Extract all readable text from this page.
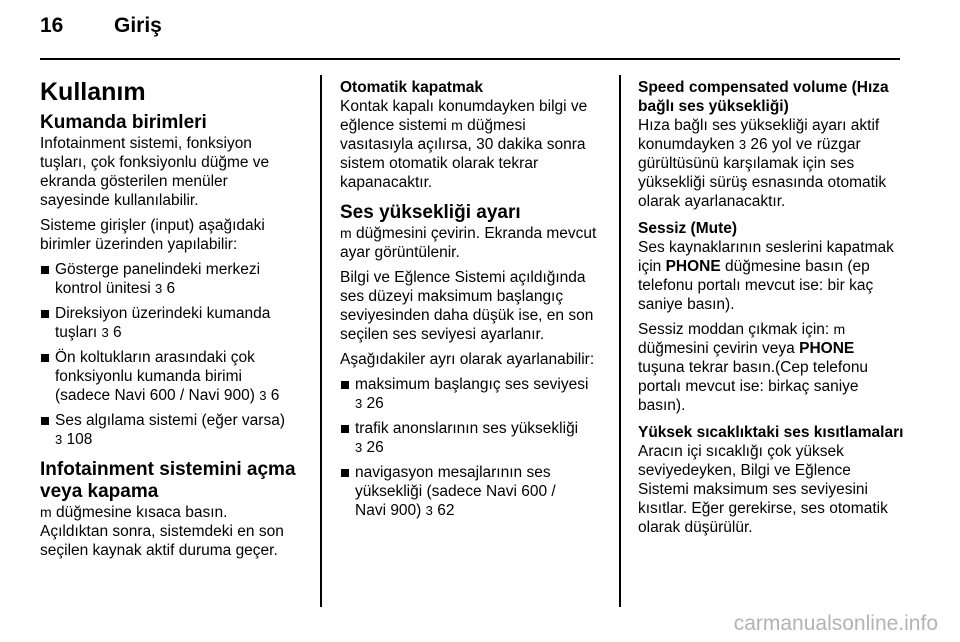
16 Giriş
Kullanım
Kumanda birimleri

Infotainment sistemi, fonksiyon
tuşları, çok fonksiyonlu düğme ve
ekranda gösterilen menüler
sayesinde kullanılabilir.

Sisteme girişler (input) aşağıdaki
birimler üzerinden yapılabilir:

Gösterge panelindeki merkezi
kontrol ünitesi 3 6
Direksiyon üzerindeki kumanda
tuşları 3 6
Ön koltukların arasındaki çok
fonksiyonlu kumanda birimi
(sadece Navi 600 / Navi 900) 3 6
Ses algılama sistemi (eğer varsa)
3 108
Infotainment sistemini açma
veya kapama

m düğmesine kısaca basın.
Açıldıktan sonra, sistemdeki en son
seçilen kaynak aktif duruma geçer.

Otomatik kapatmak

Kontak kapalı konumdayken bilgi ve
eğlence sistemi m düğmesi
vasıtasıyla açılırsa, 30 dakika sonra
sistem otomatik olarak tekrar
kapanacaktır.

Ses yüksekliği ayarı

m düğmesini çevirin. Ekranda mevcut
ayar görüntülenir.

Bilgi ve Eğlence Sistemi açıldığında
ses düzeyi maksimum başlangıç
seviyesinden daha düşük ise, en son
seçilen ses seviyesi ayarlanır.

Aşağıdakiler ayrı olarak ayarlanabilir:

maksimum başlangıç ses seviyesi
3 26
trafik anonslarının ses yüksekliği
3 26
navigasyon mesajlarının ses
yüksekliği (sadece Navi 600 /
Navi 900) 3 62
Speed compensated volume (Hıza
bağlı ses yüksekliği)

Hıza bağlı ses yüksekliği ayarı aktif
konumdayken 3 26 yol ve rüzgar
gürültüsünü karşılamak için ses
yüksekliği sürüş esnasında otomatik
olarak ayarlanacaktır.

Sessiz (Mute)

Ses kaynaklarının seslerini kapatmak
için PHONE düğmesine basın (ep
telefonu portalı mevcut ise: bir kaç
saniye basın).

Sessiz moddan çıkmak için: m
düğmesini çevirin veya PHONE
tuşuna tekrar basın.(Cep telefonu
portalı mevcut ise: birkaç saniye
basın).

Yüksek sıcaklıktaki ses kısıtlamaları

Aracın içi sıcaklığı çok yüksek
seviyedeyken, Bilgi ve Eğlence
Sistemi maksimum ses seviyesini
kısıtlar. Eğer gerekirse, ses otomatik
olarak düşürülür.

carmanualsonline.info
